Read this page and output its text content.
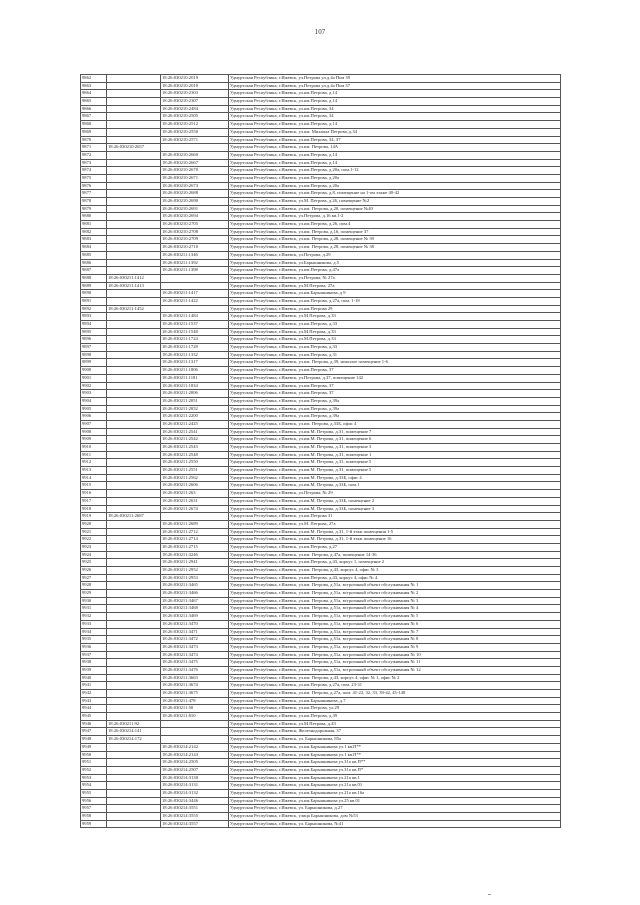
107
9862		18:26:030210:2019	Удмуртская Республика, г.Ижевск, ул.Петрова ул.д.4а Пом 39
9863		18:26:030210:2010	Удмуртская Республика, г.Ижевск, ул.Петрова ул.д.4а Пом 37
9864		18:26:030210:2303	Удмуртская Республика, г.Ижевск, ул.им.Петрова, д.14
9865		18:26:030210:2307	Удмуртская Республика, г.Ижевск, ул.им.Петрова, д.14
9866		18:26:030210:2484	Удмуртская Республика, г.Ижевск, ул.им.Петрова, 34
9867		18:26:030210:2505	Удмуртская Республика, г.Ижевск, ул.им.Петрова, 34
9868		18:26:030210:2512	Удмуртская Республика, г.Ижевск, ул.им.Петрова, д.14
9869		18:26:030210:2550	Удмуртская Республика, г.Ижевск, ул.им. Михаила Петрова, д.34
9870		18:26:030210:2571	Удмуртская Республика, г.Ижевск, ул.им.Петрова, 34, 37
9871	18:26:030210:2657		Удмуртская Республика, г.Ижевск, ул.им. Петрова, 14А
9872		18:26:030210:2660	Удмуртская Республика, г.Ижевск, ул.им.Петрова, д.14
9873		18:26:030210:2667	Удмуртская Республика, г.Ижевск, ул.им.Петрова, д.14
9874		18:26:030210:2670	Удмуртская Республика, г.Ижевск, ул.им.Петрова, д.20а, пом.1-12
9875		18:26:030210:2671	Удмуртская Республика, г.Ижевск, ул.им.Петрова, д.20а
9876		18:26:030210:2673	Удмуртская Республика, г.Ижевск, ул.им.Петрова, д.20а
9877		18:26:030210:2688	Удмуртская Республика, г.Ижевск, ул.им.Петрова, д.8, помещение на 1-ом этаже 40-42
9878		18:26:030210:2690	Удмуртская Республика, г.Ижевск, ул.М. Петрова, д.26, помещение №2
9879		18:26:030210:2691	Удмуртская Республика, г.Ижевск, ул.им. Петрова, д.20, помещение №40
9880		18:26:030210:2694	Удмуртская Республика, г.Ижевск, ул.Петрова, д.16 кв.1-2
9881		18:26:030210:2705	Удмуртская Республика, г.Ижевск, ул.им.Петрова, д.26, пом.4
9882		18:26:030210:2708	Удмуртская Республика, г.Ижевск, ул.им. Петрова, д.16, помещение 37
9883		18:26:030210:2709	Удмуртская Республика, г.Ижевск, ул.им. Петрова, д.28, помещение № 39
9884		18:26:030210:2710	Удмуртская Республика, г.Ижевск, ул.им. Петрова, д.28, помещение № 38
9885		18:26:030211:1346	Удмуртская Республика, г.Ижевск, ул.Петрова, д.29
9886		18:26:030211:1392	Удмуртская Республика, г.Ижевск, ул.Барышникова, д.5
9887		18:26:030211:1398	Удмуртская Республика, г.Ижевск, ул.им.Петрова, д.47а
9888	18:26:030211:1412		Удмуртская Республика, г.Ижевск, ул.Петрова, № 27а
9889	18:26:030211:1413		Удмуртская Республика, г.Ижевск, ул.М.Петрова, 27а
9890		18:26:030211:1417	Удмуртская Республика, г.Ижевск, ул.им.Барышникова, д.9
9891		18:26:030211:1422	Удмуртская Республика, г.Ижевск, ул.им.Петрова, д.27а, пом. 1-18
9892	18:26:030211:1452		Удмуртская Республика, г.Ижевск, ул.им.Петрова 29
9893		18:26:030211:1484	Удмуртская Республика, г.Ижевск, ул.М.Петрова, д.33
9894		18:26:030211:1537	Удмуртская Республика, г.Ижевск, ул.им.Петрова, д.33
9895		18:26:030211:1548	Удмуртская Республика, г.Ижевск, ул.М.Петрова, д.33
9896		18:26:030211:1724	Удмуртская Республика, г.Ижевск, ул.М.Петрова, д.33
9897		18:26:030211:1728	Удмуртская Республика, г.Ижевск, ул.им.Петрова, д.33
9898		18:26:030211:1332	Удмуртская Республика, г.Ижевск, ул.им.Петрова, д.31
9899		18:26:030211:1317	Удмуртская Республика, г.Ижевск, ул.им. Петрова, д.39, нежилое помещение 1-6
9900		18:26:030211:1806	Удмуртская Республика, г.Ижевск, ул.им.Петрова, 37
9901		18:26:030211:1181	Удмуртская Республика, г.Ижевск, ул.Петрова, д.37, помещение 142
9902		18:26:030211:1834	Удмуртская Республика, г.Ижевск, ул.им.Петрова, 37
9903		18:26:030211:2006	Удмуртская Республика, г.Ижевск, ул.им.Петрова, 37
9904		18:26:030211:2051	Удмуртская Республика, г.Ижевск, ул.им.Петрова, д.39а
9905		18:26:030211:2052	Удмуртская Республика, г.Ижевск, ул.им.Петрова, д.39а
9906		18:26:030211:2200	Удмуртская Республика, г.Ижевск, ул.им.Петрова, д.39а
9907		18:26:030211:2425	Удмуртская Республика, г.Ижевск, ул.им. Петрова, д.33Б, офис 4
9908		18:26:030211:2541	Удмуртская Республика, г.Ижевск, ул.им.М. Петрова, д.31, помещение 7
9909		18:26:030211:2542	Удмуртская Республика, г.Ижевск, ул.им.М. Петрова, д.31, помещение 6
9910		18:26:030211:2543	Удмуртская Республика, г.Ижевск, ул.им.М. Петрова, д.31, помещение 3
9911		18:26:030211:2548	Удмуртская Республика, г.Ижевск, ул.им.М. Петрова, д.31, помещение 1
9912		18:26:030211:2550	Удмуртская Республика, г.Ижевск, ул.им.М. Петрова, д.31, помещение 5
9913		18:26:030211:2551	Удмуртская Республика, г.Ижевск, ул.им.М. Петрова, д.31, помещение 5
9914		18:26:030211:2562	Удмуртская Республика, г.Ижевск, ул.им.М. Петрова, д.33Б, офис 4
9915		18:26:030211:2606	Удмуртская Республика, г.Ижевск, ул.им.М. Петрова, д.33Б, пом.1
9916		18:26:030211:263	Удмуртская Республика, г.Ижевск, ул.Петрова, № 29
9917		18:26:030211:2631	Удмуртская Республика, г.Ижевск, ул.им.М. Петрова, д.33Б, помещение 2
9918		18:26:030211:2674	Удмуртская Республика, г.Ижевск, ул.им.М. Петрова, д.33Б, помещение 3
9919	18:26:030211:2687		Удмуртская Республика, г.Ижевск, ул.им.Петрова 31
9920		18:26:030211:2689	Удмуртская Республика, г.Ижевск, ул.М. Петрова, 27а
9921		18:26:030211:2712	Удмуртская Республика, г.Ижевск, ул.им.М. Петрова, д.31, 1-й этаж помещения 1-5
9922		18:26:030211:2714	Удмуртская Республика, г.Ижевск, ул.им.М. Петрова, д.31, 1-й этаж помещение 16
9923		18:26:030211:2715	Удмуртская Республика, г.Ижевск, ул.им.Петрова, д.27
9924		18:26:030211:3246	Удмуртская Республика, г.Ижевск, ул.им. Петрова, д.47а, помещение 14-36
9925		18:26:030211:2941	Удмуртская Республика, г.Ижевск, ул.им.Петрова, д.43, корпус 1, помещение 2
9926		18:26:030211:2952	Удмуртская Республика, г.Ижевск, ул.им. Петрова, д.43, корпус 4, офис № 3
9927		18:26:030211:2953	Удмуртская Республика, г.Ижевск, ул.им.Петрова, д.43, корпус 4, офис № 4
9928		18:26:030211:3465	Удмуртская Республика, г.Ижевск, ул.им. Петрова, д.51а, встроенный объект обслуживания № 1
9929		18:26:030211:3466	Удмуртская Республика, г.Ижевск, ул.им. Петрова, д.51а, встроенный объект обслуживания № 2
9930		18:26:030211:3467	Удмуртская Республика, г.Ижевск, ул.им. Петрова, д.51а, встроенный объект обслуживания № 3
9931		18:26:030211:3468	Удмуртская Республика, г.Ижевск, ул.им. Петрова, д.51а, встроенный объект обслуживания № 4
9932		18:26:030211:3469	Удмуртская Республика, г.Ижевск, ул.им. Петрова, д.51а, встроенный объект обслуживания № 5
9933		18:26:030211:3470	Удмуртская Республика, г.Ижевск, ул.им. Петрова, д.51а, встроенный объект обслуживания № 6
9934		18:26:030211:3471	Удмуртская Республика, г.Ижевск, ул.им. Петрова, д.51а, встроенный объект обслуживания № 7
9935		18:26:030211:3472	Удмуртская Республика, г.Ижевск, ул.им. Петрова, д.51а, встроенный объект обслуживания № 8
9936		18:26:030211:3473	Удмуртская Республика, г.Ижевск, ул.им. Петрова, д.51а, встроенный объект обслуживания № 9
9937		18:26:030211:3474	Удмуртская Республика, г.Ижевск, ул.им. Петрова, д.51а, встроенный объект обслуживания № 10
9938		18:26:030211:3475	Удмуртская Республика, г.Ижевск, ул.им. Петрова, д.51а, встроенный объект обслуживания № 11
9939		18:26:030211:3476	Удмуртская Республика, г.Ижевск, ул.им. Петрова, д.51а, встроенный объект обслуживания № 12
9940		18:26:030211:3663	Удмуртская Республика, г.Ижевск, ул.им. Петрова, д.43, корпус 4, офис № 1, офис № 2
9941		18:26:030211:3674	Удмуртская Республика, г.Ижевск, ул.им.Петрова, д.27а, пом. 23-31
9942		18:26:030211:3675	Удмуртская Республика, г.Ижевск, ул.им. Петрова, д.27а, пом. 41-22, 32, 33, 39-42, 45-148
9943		18:26:030211:478	Удмуртская Республика, г.Ижевск, ул.им.Барышникова, д.7
9944		18:26:030211:50	Удмуртская Республика, г.Ижевск, ул.им.Петрова, ул.29
9945		18:26:030211:810	Удмуртская Республика, г.Ижевск, ул.им.Петрова, д.39
9946	18:26:030211:92		Удмуртская Республика, г.Ижевск, ул.М.Петрова, д.43
9947	18:26:030214:141		Удмуртская Республика, г.Ижевск, Железнодорожная, 37
9948	18:26:030214:172		Удмуртская Республика, г.Ижевск, ул. Барышникова, 85а
9949		18:26:030214:2142	Удмуртская Республика, г.Ижевск, ул.им.Барышникова ул.1 кв.П**
9950		18:26:030214:2143	Удмуртская Республика, г.Ижевск, ул.им.Барышникова ул.1 кв.П**
9951		18:26:030214:2505	Удмуртская Республика, г.Ижевск, ул.им.Барышникова ул.31а кв.П**
9952		18:26:030214:2507	Удмуртская Республика, г.Ижевск, ул.им.Барышникова ул.31а кв.П*
9953		18:26:030214:3130	Удмуртская Республика, г.Ижевск, ул.им.Барышникова ул.21а кв.1
9954		18:26:030214:3131	Удмуртская Республика, г.Ижевск, ул.им.Барышникова ул.21а кв.01
9955		18:26:030214:3132	Удмуртская Республика, г.Ижевск, ул.им.Барышникова ул.21а кв.16а
9956		18:26:030214:3446	Удмуртская Республика, г.Ижевск, ул.им.Барышникова ул.25 кв.01
9957		18:26:030214:3551	Удмуртская Республика, г.Ижевск, ул. Барышникова, д.27
9958		18:26:030214:3555	Удмуртская Республика, г.Ижевск, улица Барышникова, дом №53
9959		18:26:030214:3557	Удмуртская Республика, г.Ижевск, ул. Барышникова, №41
